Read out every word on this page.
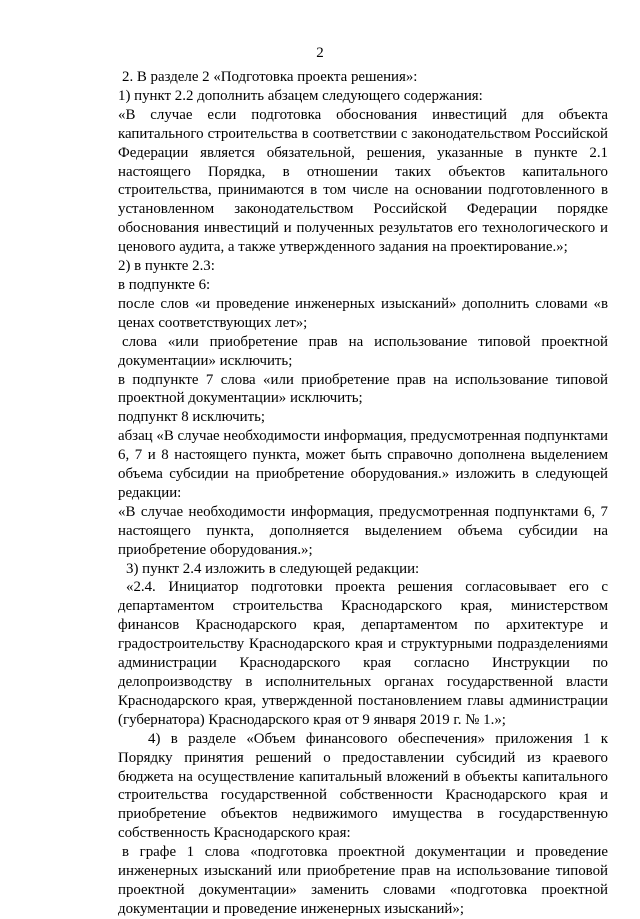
2

2. В разделе 2 «Подготовка проекта решения»:

1) пункт 2.2 дополнить абзацем следующего содержания:

«В случае если подготовка обоснования инвестиций для объекта капитального строительства в соответствии с законодательством Российской Федерации является обязательной, решения, указанные в пункте 2.1 настоящего Порядка, в отношении таких объектов капитального строительства, принимаются в том числе на основании подготовленного в установленном законодательством Российской Федерации порядке обоснования инвестиций и полученных результатов его технологического и ценового аудита, а также утвержденного задания на проектирование.»;

2) в пункте 2.3:

в подпункте 6:

после слов «и проведение инженерных изысканий» дополнить словами «в ценах соответствующих лет»;

слова «или приобретение прав на использование типовой проектной документации» исключить;

в подпункте 7 слова «или приобретение прав на использование типовой проектной документации» исключить;

подпункт 8 исключить;

абзац «В случае необходимости информация, предусмотренная подпунктами 6, 7 и 8 настоящего пункта, может быть справочно дополнена выделением объема субсидии на приобретение оборудования.» изложить в следующей редакции:

«В случае необходимости информация, предусмотренная подпунктами 6, 7 настоящего пункта, дополняется выделением объема субсидии на приобретение оборудования.»;

3) пункт 2.4 изложить в следующей редакции:

«2.4. Инициатор подготовки проекта решения согласовывает его с департаментом строительства Краснодарского края, министерством финансов Краснодарского края, департаментом по архитектуре и градостроительству Краснодарского края и структурными подразделениями администрации Краснодарского края согласно Инструкции по делопроизводству в исполнительных органах государственной власти Краснодарского края, утвержденной постановлением главы администрации (губернатора) Краснодарского края от 9 января 2019 г. № 1.»;

4) в разделе «Объем финансового обеспечения» приложения 1 к Порядку принятия решений о предоставлении субсидий из краевого бюджета на осуществление капитальный вложений в объекты капитального строительства государственной собственности Краснодарского края и приобретение объектов недвижимого имущества в государственную собственность Краснодарского края:

в графе 1 слова «подготовка проектной документации и проведение инженерных изысканий или приобретение прав на использование типовой проектной документации» заменить словами «подготовка проектной документации и проведение инженерных изысканий»;
